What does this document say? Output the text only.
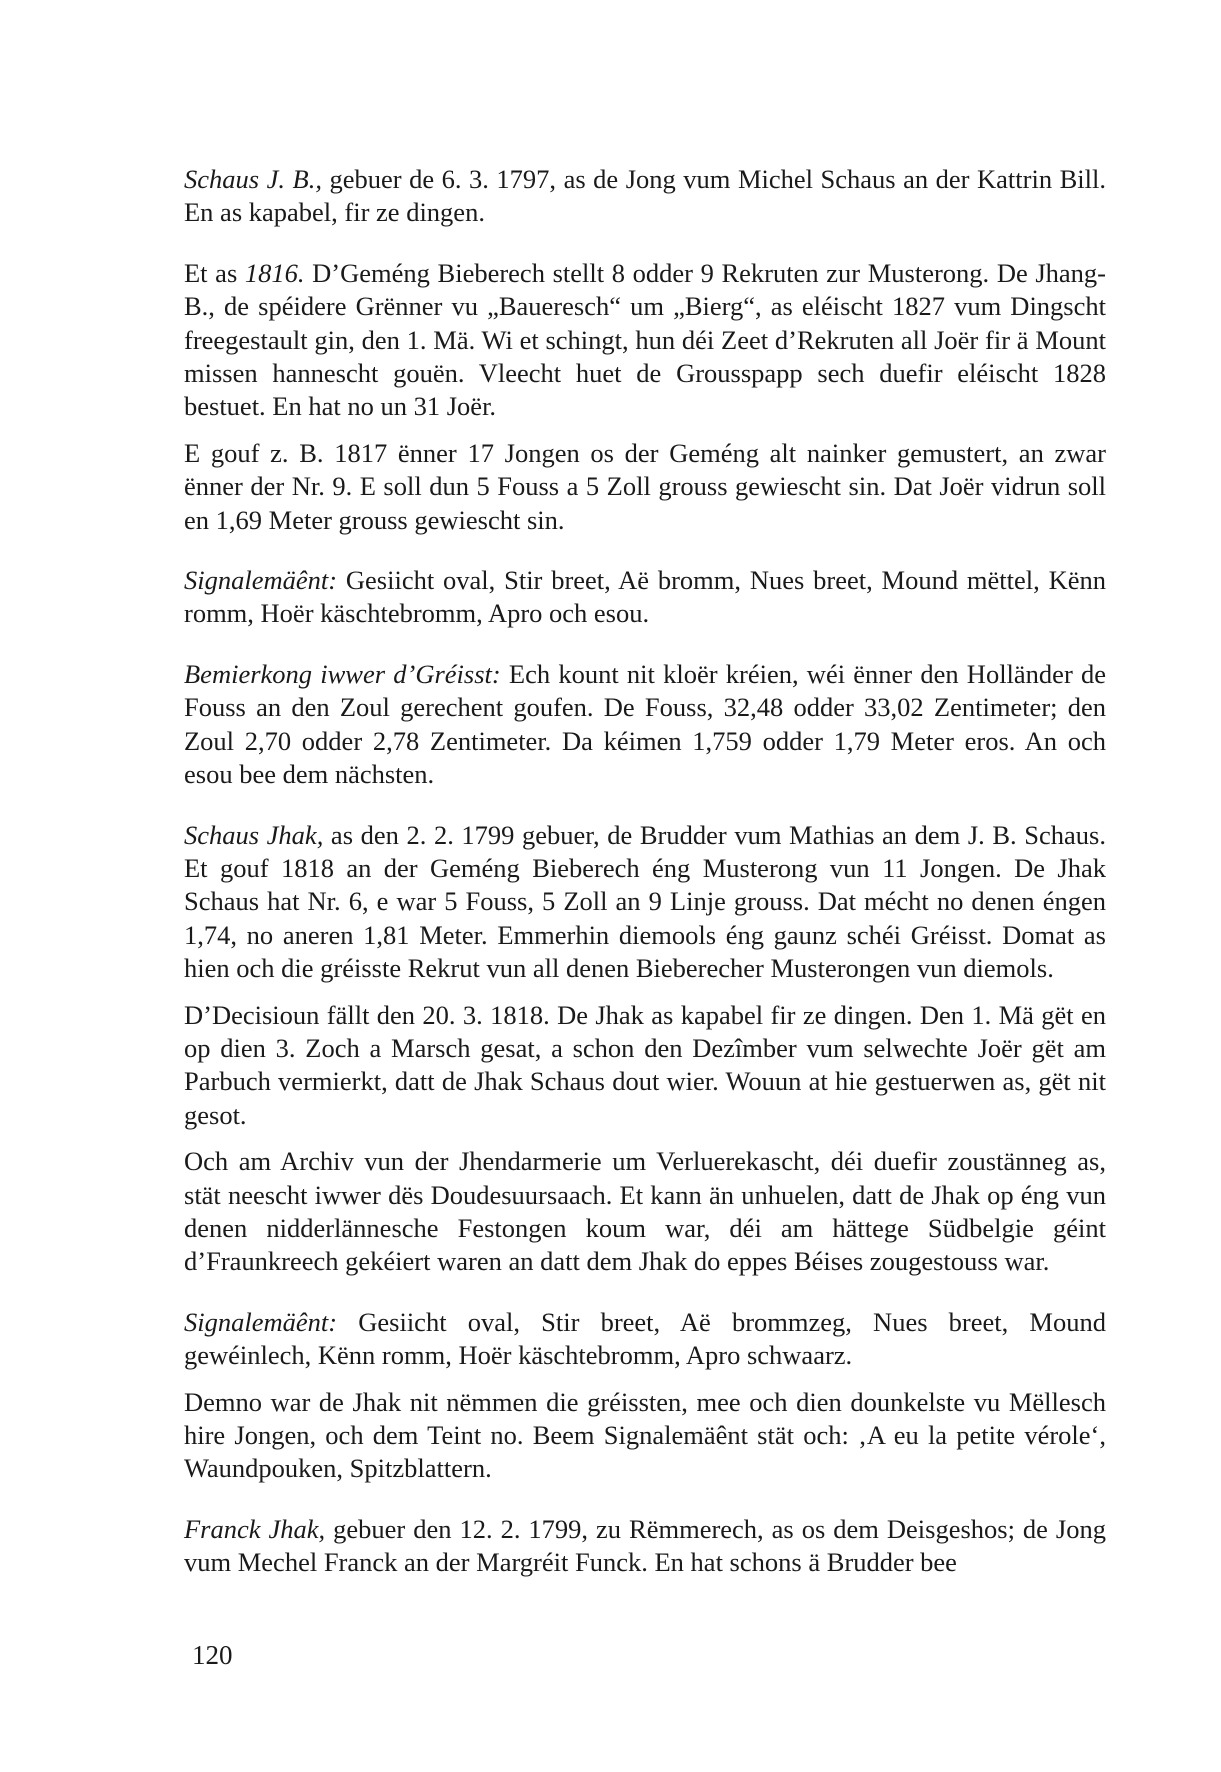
Schaus J. B., gebuer de 6. 3. 1797, as de Jong vum Michel Schaus an der Kattrin Bill. En as kapabel, fir ze dingen.

Et as 1816. D’Geméng Bieberech stellt 8 odder 9 Rekruten zur Musterong. De Jhang-B., de spéidere Grënner vu „Baueresch“ um „Bierg“, as eléischt 1827 vum Dingscht freegestault gin, den 1. Mä. Wi et schingt, hun déi Zeet d’Rekruten all Joër fir ä Mount missen hannescht gouën. Vleecht huet de Grousspapp sech duefir eléischt 1828 bestuet. En hat no un 31 Joër.

E gouf z. B. 1817 ënner 17 Jongen os der Geméng alt nainker gemustert, an zwar ënner der Nr. 9. E soll dun 5 Fouss a 5 Zoll grouss gewiescht sin. Dat Joër vidrun soll en 1,69 Meter grouss gewiescht sin.

Signalemäênt: Gesiicht oval, Stir breet, Aë bromm, Nues breet, Mound mëttel, Kënn romm, Hoër käschtebromm, Apro och esou.

Bemierkong iwwer d’Gréisst: Ech kount nit kloër kréien, wéi ënner den Holländer de Fouss an den Zoul gerechent goufen. De Fouss, 32,48 odder 33,02 Zentimeter; den Zoul 2,70 odder 2,78 Zentimeter. Da kéimen 1,759 odder 1,79 Meter eros. An och esou bee dem nächsten.

Schaus Jhak, as den 2. 2. 1799 gebuer, de Brudder vum Mathias an dem J. B. Schaus. Et gouf 1818 an der Geméng Bieberech éng Musterong vun 11 Jongen. De Jhak Schaus hat Nr. 6, e war 5 Fouss, 5 Zoll an 9 Linje grouss. Dat mécht no denen éngen 1,74, no aneren 1,81 Meter. Emmerhin diemools éng gaunz schéi Gréisst. Domat as hien och die gréisste Rekrut vun all denen Bieberecher Musterongen vun diemols.

D’Decisioun fällt den 20. 3. 1818. De Jhak as kapabel fir ze dingen. Den 1. Mä gët en op dien 3. Zoch a Marsch gesat, a schon den Dezîmber vum selwechte Joër gët am Parbuch vermierkt, datt de Jhak Schaus dout wier. Wouun at hie gestuerwen as, gët nit gesot.

Och am Archiv vun der Jhendarmerie um Verluerekascht, déi duefir zoustänneg as, stät neescht iwwer dës Doudesuursaach. Et kann än unhuelen, datt de Jhak op éng vun denen nidderlännesche Festongen koum war, déi am hättege Südbelgie géint d’Fraunkreech gekéiert waren an datt dem Jhak do eppes Béises zougestouss war.

Signalemäênt: Gesiicht oval, Stir breet, Aë brommzeg, Nues breet, Mound gewéinlech, Kënn romm, Hoër käschtebromm, Apro schwaarz.

Demno war de Jhak nit nëmmen die gréissten, mee och dien dounkelste vu Mëllesch hire Jongen, och dem Teint no. Beem Signalemäênt stät och: ‚A eu la petite vérole‘, Waundpouken, Spitzblattern.

Franck Jhak, gebuer den 12. 2. 1799, zu Rëmmerech, as os dem Deisgeshos; de Jong vum Mechel Franck an der Margréit Funck. En hat schons ä Brudder bee

120
